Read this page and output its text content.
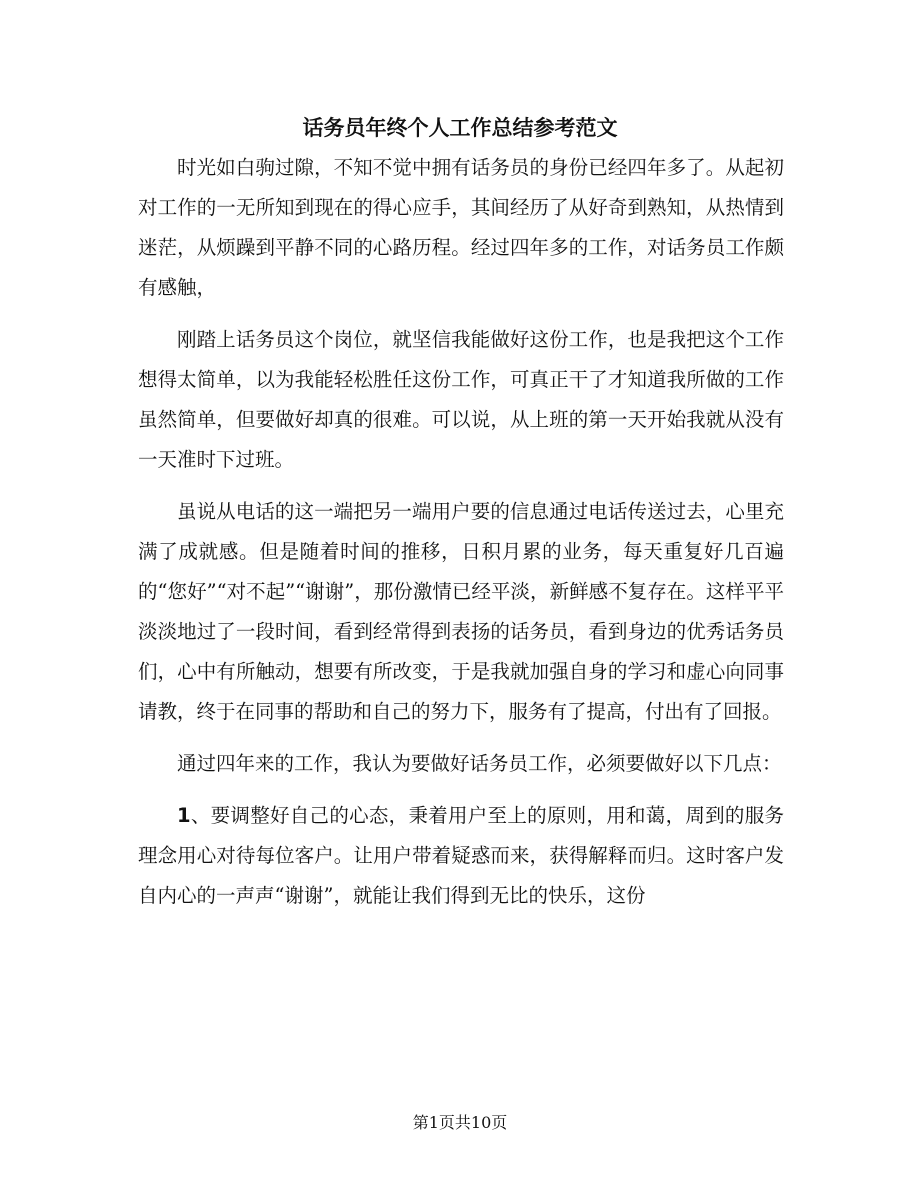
话务员年终个人工作总结参考范文

时光如白驹过隙，不知不觉中拥有话务员的身份已经四年多了。从起初对工作的一无所知到现在的得心应手，其间经历了从好奇到熟知，从热情到迷茫，从烦躁到平静不同的心路历程。经过四年多的工作，对话务员工作颇有感触，

刚踏上话务员这个岗位，就坚信我能做好这份工作，也是我把这个工作想得太简单，以为我能轻松胜任这份工作，可真正干了才知道我所做的工作虽然简单，但要做好却真的很难。可以说，从上班的第一天开始我就从没有一天准时下过班。

虽说从电话的这一端把另一端用户要的信息通过电话传送过去，心里充满了成就感。但是随着时间的推移，日积月累的业务，每天重复好几百遍的“您好”“对不起”“谢谢”，那份激情已经平淡，新鲜感不复存在。这样平平淡淡地过了一段时间，看到经常得到表扬的话务员，看到身边的优秀话务员们，心中有所触动，想要有所改变，于是我就加强自身的学习和虚心向同事请教，终于在同事的帮助和自己的努力下，服务有了提高，付出有了回报。

通过四年来的工作，我认为要做好话务员工作，必须要做好以下几点：

1、要调整好自己的心态，秉着用户至上的原则，用和蔼，周到的服务理念用心对待每位客户。让用户带着疑惑而来，获得解释而归。这时客户发自内心的一声声“谢谢”，就能让我们得到无比的快乐，这份

第1页共10页
